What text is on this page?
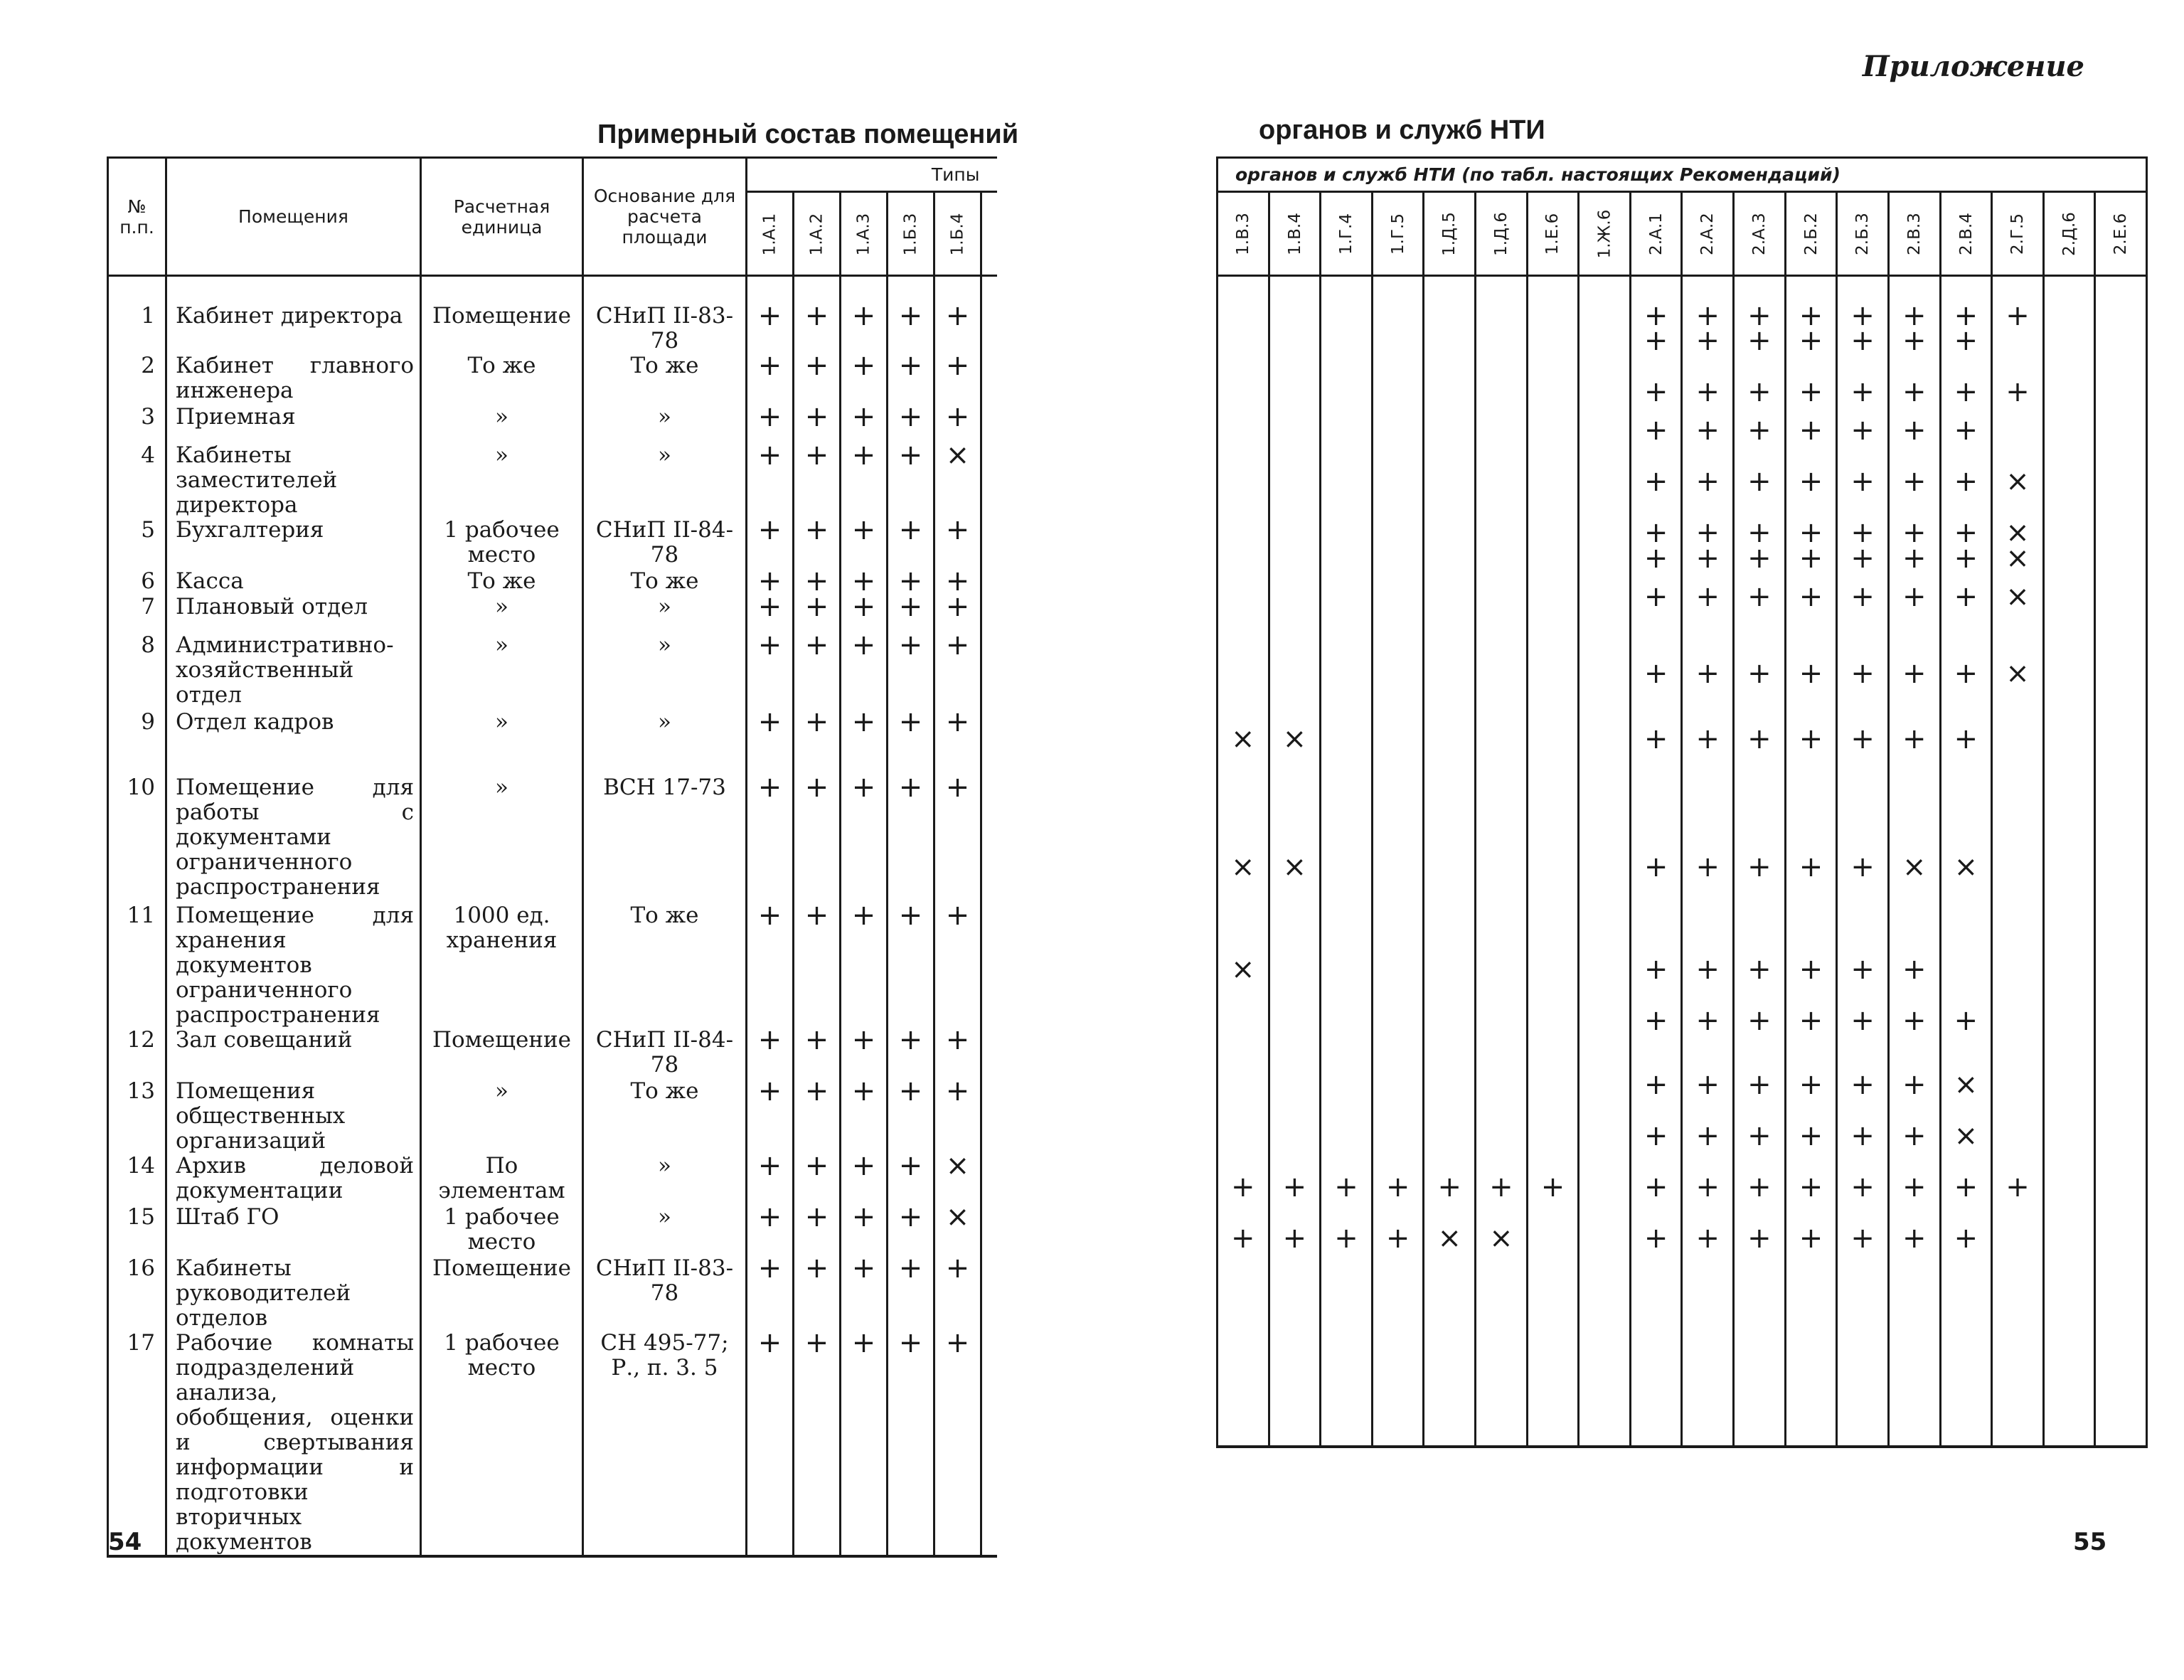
Примерный состав помещений
№ п.п.	Помещения	Расчетная единица	Основание для расчета площади	Типы					
				1.А.1	1.А.2	1.А.3	1.Б.3	1.Б.4	
1	Кабинет директора	Помещение	СНиП II-83-78	+	+	+	+	+	
2	Кабинет главного инженера	То же	То же	+	+	+	+	+	
3	Приемная	»	»	+	+	+	+	+	
4	Кабинеты заместителей директора	»	»	+	+	+	+	×	
5	Бухгалтерия	1 рабочее место	СНиП II-84-78	+	+	+	+	+	
6	Касса	То же	То же	+	+	+	+	+	
7	Плановый отдел	»	»	+	+	+	+	+	
8	Административно-хозяйственный отдел	»	»	+	+	+	+	+	
9	Отдел кадров	»	»	+	+	+	+	+	
10	Помещение для работы с документами ограниченного распространения	»	ВСН 17-73	+	+	+	+	+	
11	Помещение для хранения документов ограниченного распространения	1000 ед. хранения	То же	+	+	+	+	+	
12	Зал совещаний	Помещение	СНиП II-84-78	+	+	+	+	+	
13	Помещения общественных организаций	»	То же	+	+	+	+	+	
14	Архив деловой документации	По элементам	»	+	+	+	+	×	
15	Штаб ГО	1 рабочее место	»	+	+	+	+	×	
16	Кабинеты руководителей отделов	Помещение	СНиП II-83-78	+	+	+	+	+	
17	Рабочие комнаты подразделений анализа, обобщения, оценки и свертывания информации и подготовки вторичных документов	1 рабочее место	СН 495-77; Р., п. 3. 5	+	+	+	+	+	
54
Приложение
органов и служб НТИ
органов и служб НТИ (по табл. настоящих Рекомендаций)																	
1.В.3	1.В.4	1.Г.4	1.Г.5	1.Д.5	1.Д.6	1.Е.6	1.Ж.6	2.А.1	2.А.2	2.А.3	2.Б.2	2.Б.3	2.В.3	2.В.4	2.Г.5	2.Д.6	2.Е.6
								+	+	+	+	+	+	+	+		
								+	+	+	+	+	+	+			
								+	+	+	+	+	+	+	+		
								+	+	+	+	+	+	+			
								+	+	+	+	+	+	+	×		
								+	+	+	+	+	+	+	×		
								+	+	+	+	+	+	+	×		
								+	+	+	+	+	+	+	×		
								+	+	+	+	+	+	+	×		
×	×							+	+	+	+	+	+	+			
×	×							+	+	+	+	+	×	×			
×								+	+	+	+	+	+				
								+	+	+	+	+	+	+			
								+	+	+	+	+	+	×			
								+	+	+	+	+	+	×			
+	+	+	+	+	+	+		+	+	+	+	+	+	+	+		
+	+	+	+	×	×			+	+	+	+	+	+	+			
55
